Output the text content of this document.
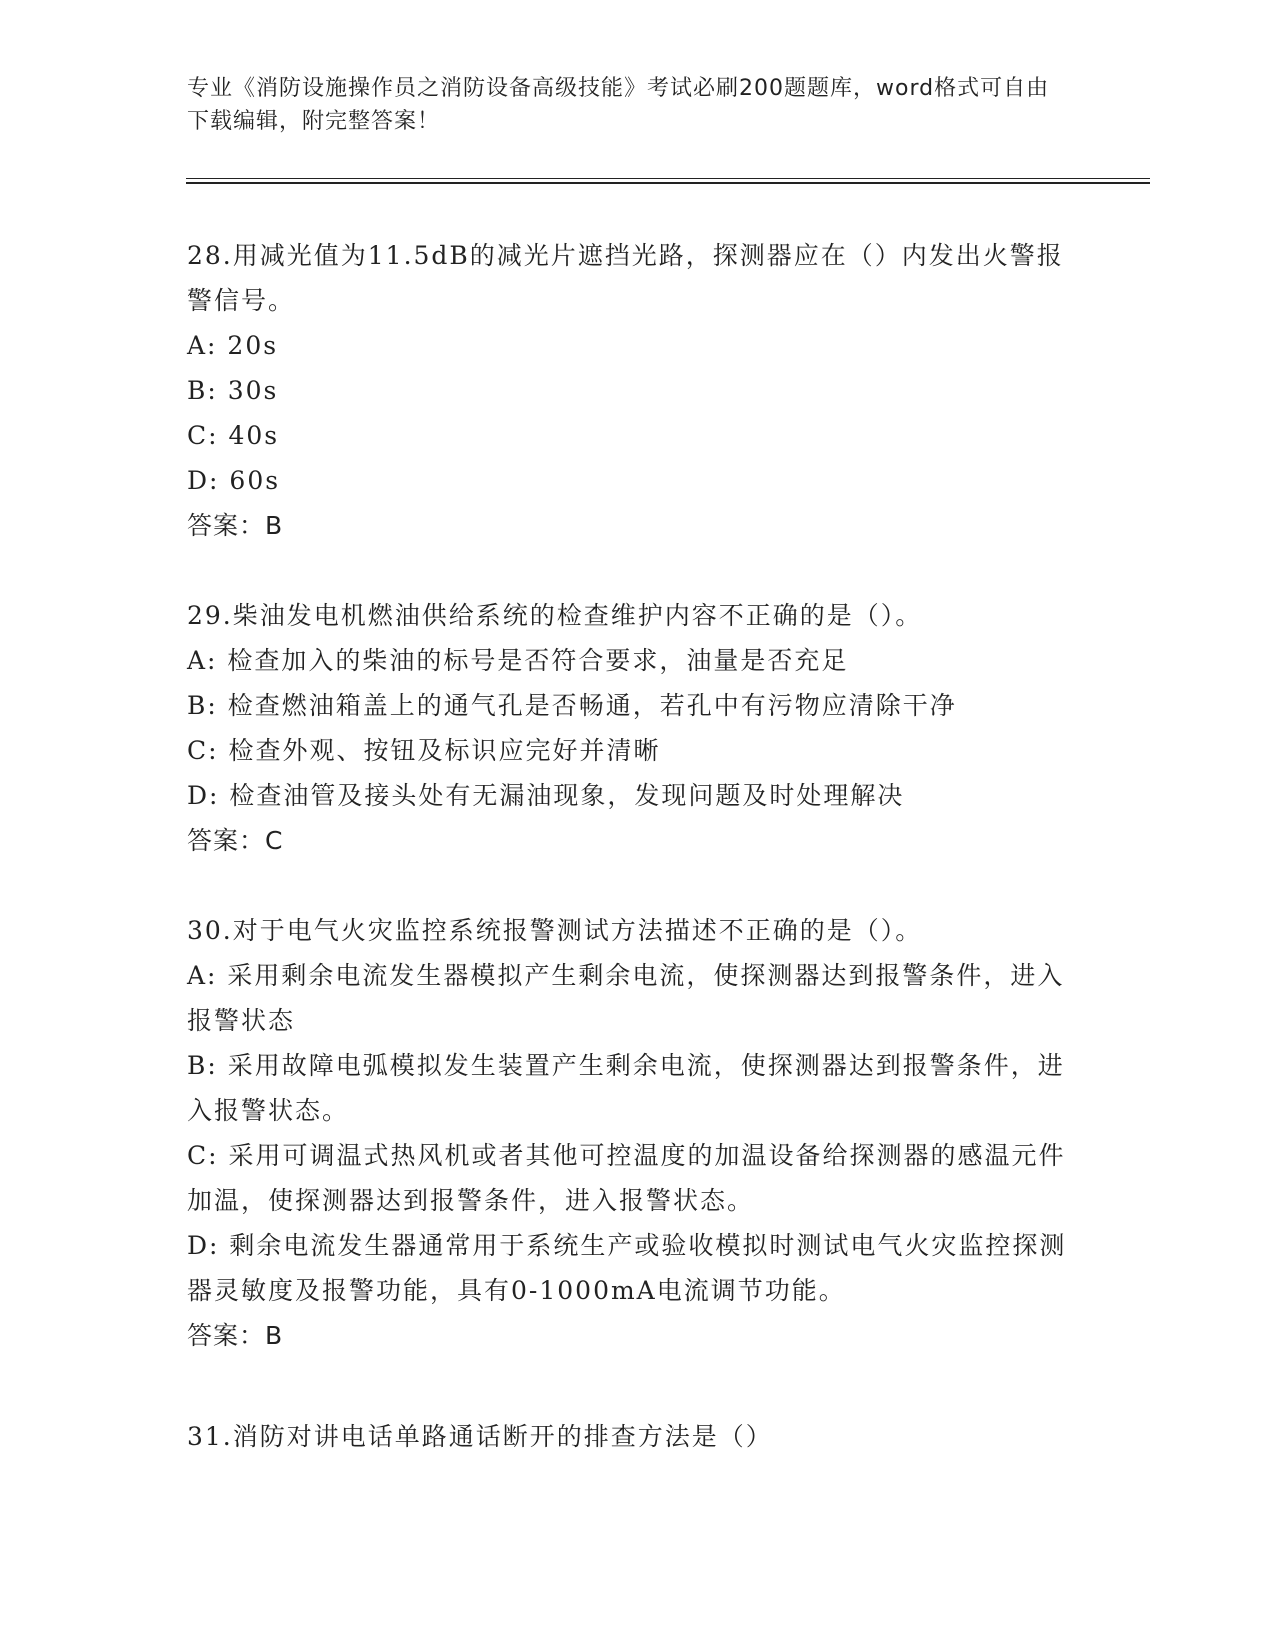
专业《消防设施操作员之消防设备高级技能》考试必刷200题题库，word格式可自由下载编辑，附完整答案！

28.用减光值为11.5dB的减光片遮挡光路，探测器应在（）内发出火警报警信号。

A: 20s

B: 30s

C: 40s

D: 60s

答案：B

29.柴油发电机燃油供给系统的检查维护内容不正确的是（）。

A: 检查加入的柴油的标号是否符合要求，油量是否充足

B: 检查燃油箱盖上的通气孔是否畅通，若孔中有污物应清除干净

C: 检查外观、按钮及标识应完好并清晰

D: 检查油管及接头处有无漏油现象，发现问题及时处理解决

答案：C

30.对于电气火灾监控系统报警测试方法描述不正确的是（）。

A: 采用剩余电流发生器模拟产生剩余电流，使探测器达到报警条件，进入报警状态

B: 采用故障电弧模拟发生装置产生剩余电流，使探测器达到报警条件，进入报警状态。

C: 采用可调温式热风机或者其他可控温度的加温设备给探测器的感温元件加温，使探测器达到报警条件，进入报警状态。

D: 剩余电流发生器通常用于系统生产或验收模拟时测试电气火灾监控探测器灵敏度及报警功能，具有0-1000mA电流调节功能。

答案：B

31.消防对讲电话单路通话断开的排查方法是（）
